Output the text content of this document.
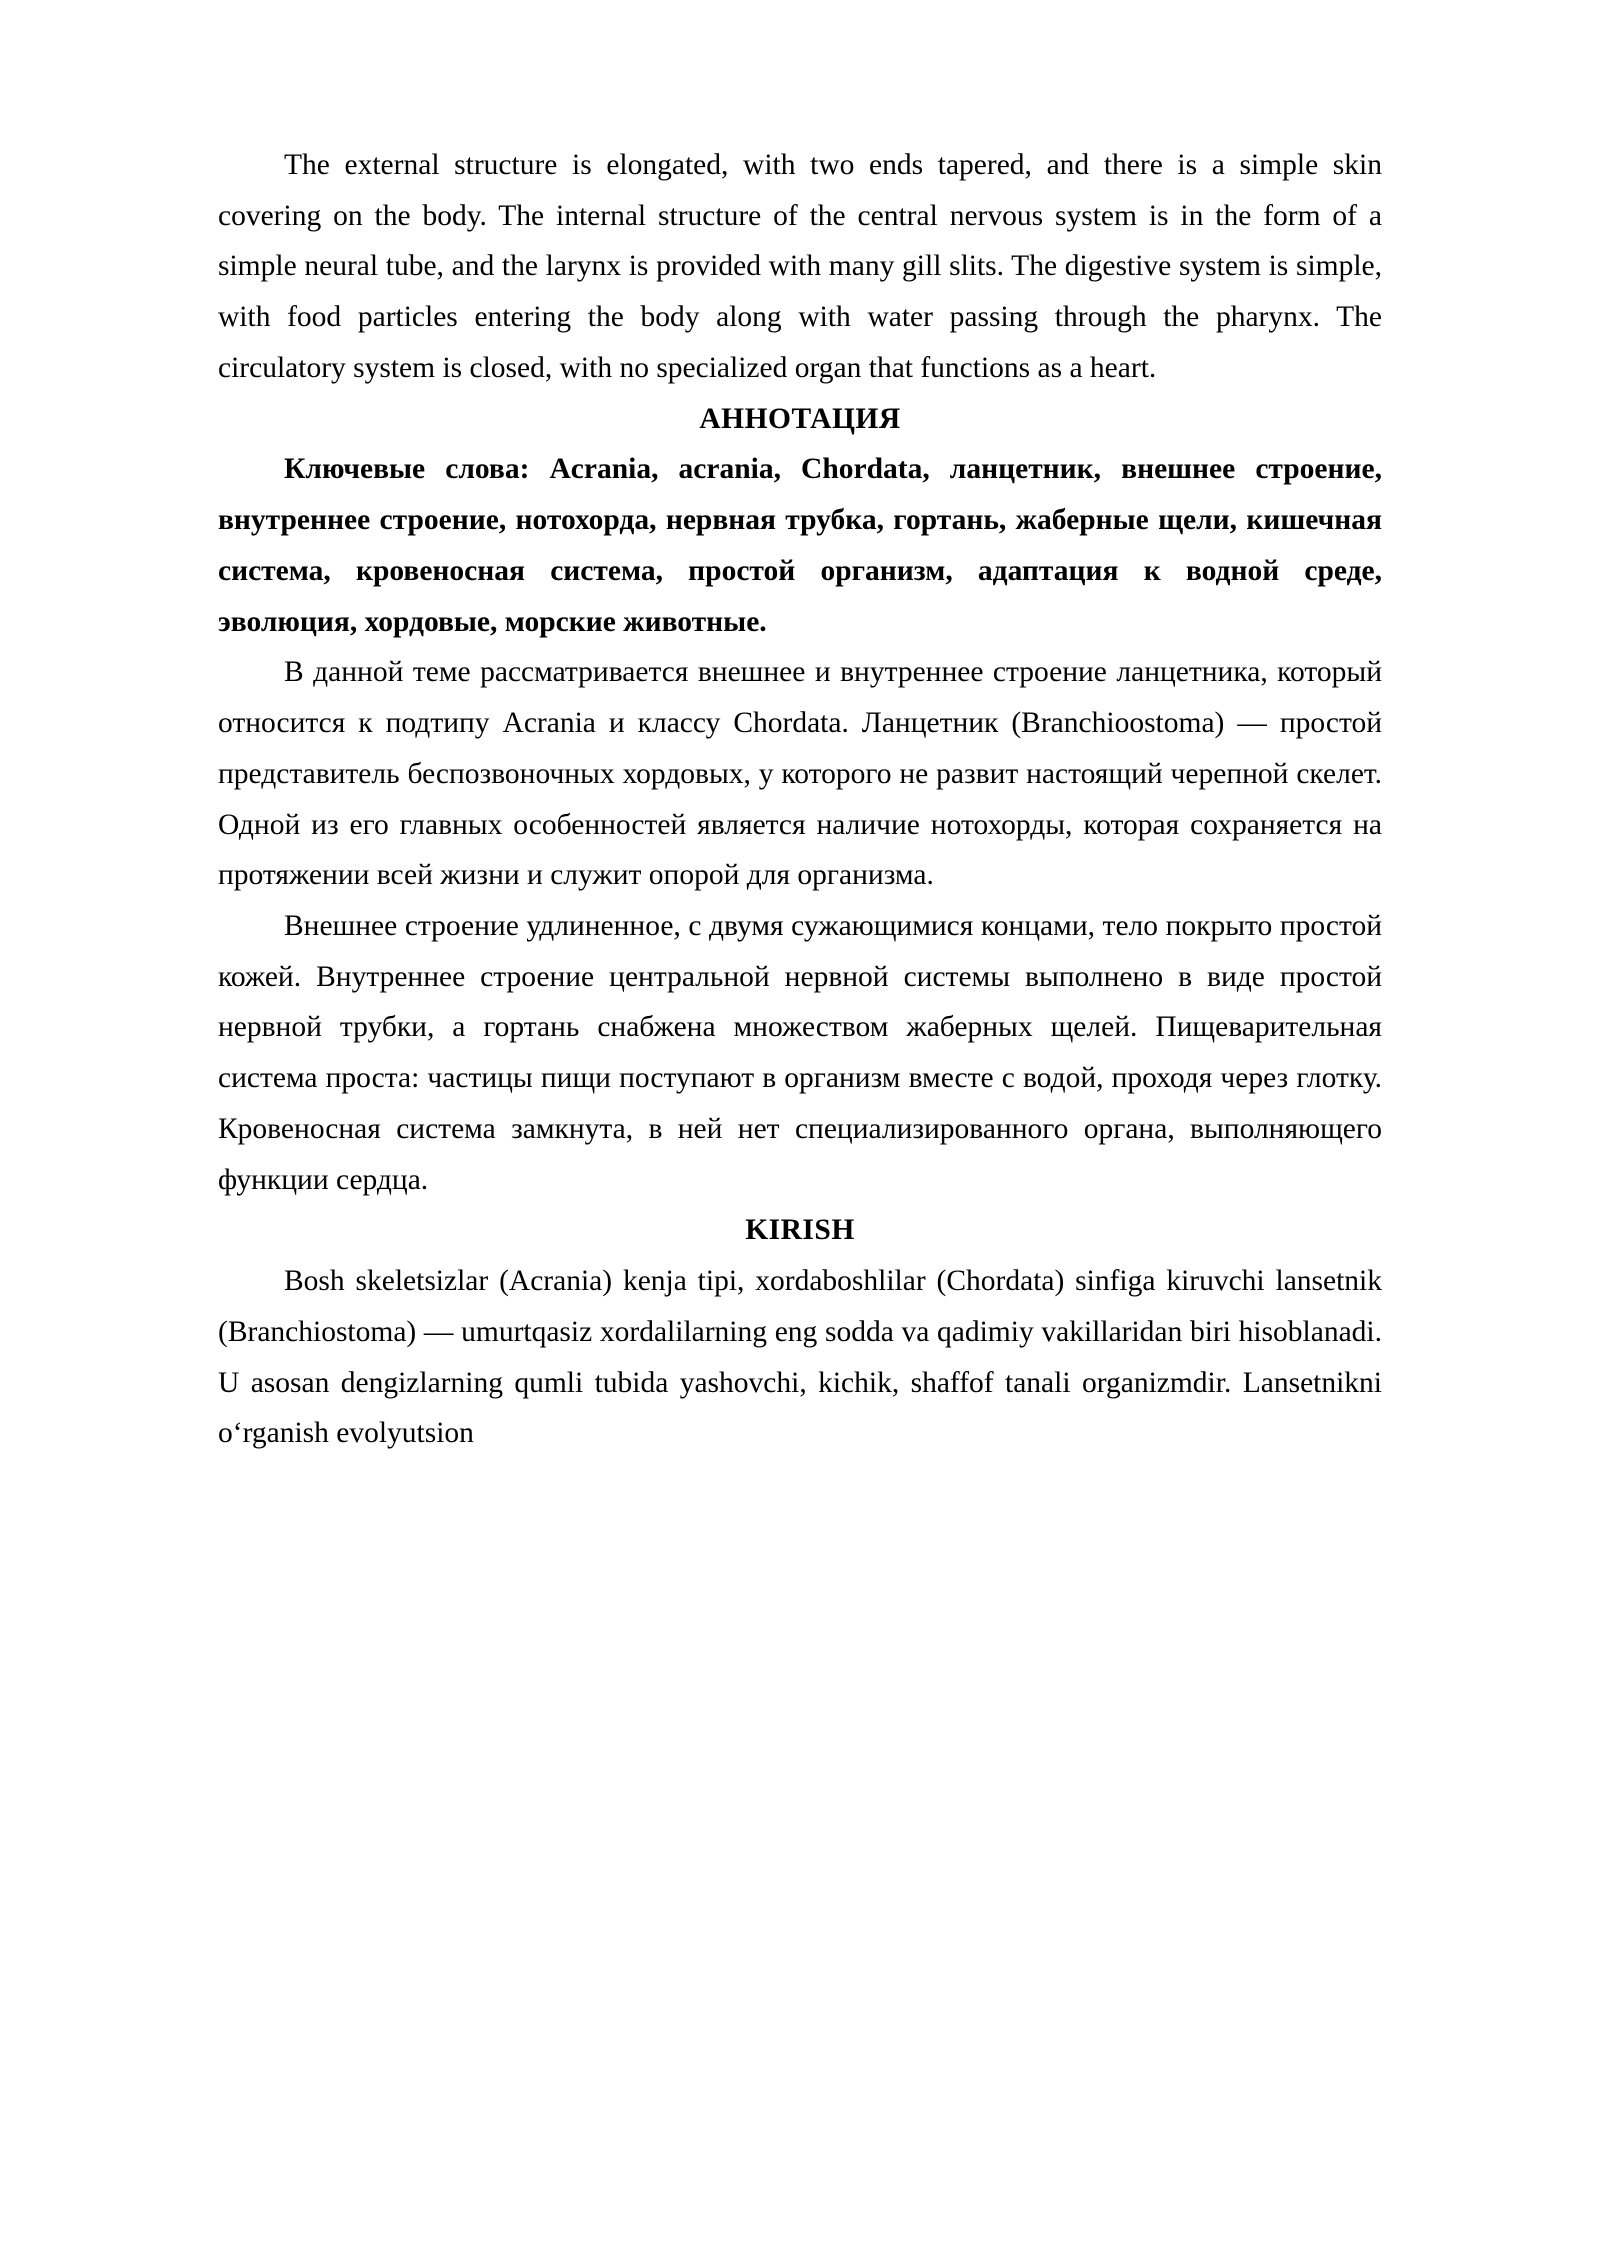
The external structure is elongated, with two ends tapered, and there is a simple skin covering on the body. The internal structure of the central nervous system is in the form of a simple neural tube, and the larynx is provided with many gill slits. The digestive system is simple, with food particles entering the body along with water passing through the pharynx. The circulatory system is closed, with no specialized organ that functions as a heart.

АННОТАЦИЯ

Ключевые слова: Acrania, acrania, Chordata, ланцетник, внешнее строение, внутреннее строение, нотохорда, нервная трубка, гортань, жаберные щели, кишечная система, кровеносная система, простой организм, адаптация к водной среде, эволюция, хордовые, морские животные.

В данной теме рассматривается внешнее и внутреннее строение ланцетника, который относится к подтипу Acrania и классу Chordata. Ланцетник (Branchioostoma) — простой представитель беспозвоночных хордовых, у которого не развит настоящий черепной скелет. Одной из его главных особенностей является наличие нотохорды, которая сохраняется на протяжении всей жизни и служит опорой для организма.

Внешнее строение удлиненное, с двумя сужающимися концами, тело покрыто простой кожей. Внутреннее строение центральной нервной системы выполнено в виде простой нервной трубки, а гортань снабжена множеством жаберных щелей. Пищеварительная система проста: частицы пищи поступают в организм вместе с водой, проходя через глотку. Кровеносная система замкнута, в ней нет специализированного органа, выполняющего функции сердца.

KIRISH

Bosh skeletsizlar (Acrania) kenja tipi, xordaboshlilar (Chordata) sinfiga kiruvchi lansetnik (Branchiostoma) — umurtqasiz xordalilarning eng sodda va qadimiy vakillaridan biri hisoblanadi. U asosan dengizlarning qumli tubida yashovchi, kichik, shaffof tanali organizmdir. Lansetnikni o‘rganish evolyutsion
